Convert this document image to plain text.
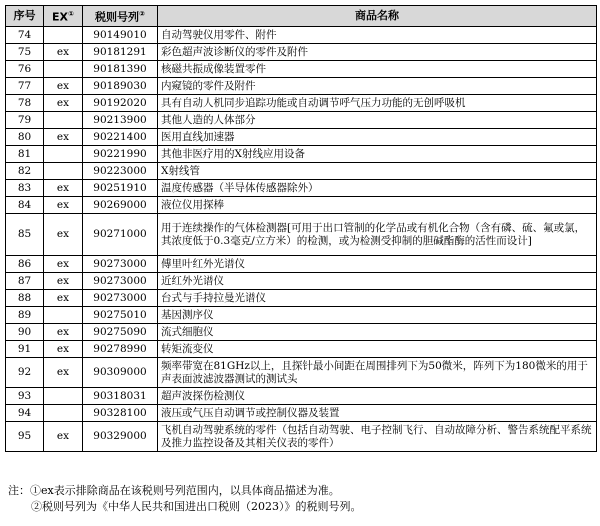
序号	EX①	税则号列②	商品名称
74		90149010	自动驾驶仪用零件、附件
75	ex	90181291	彩色超声波诊断仪的零件及附件
76		90181390	核磁共振成像装置零件
77	ex	90189030	内窥镜的零件及附件
78	ex	90192020	具有自动人机同步追踪功能或自动调节呼气压力功能的无创呼吸机
79		90213900	其他人造的人体部分
80	ex	90221400	医用直线加速器
81		90221990	其他非医疗用的X射线应用设备
82		90223000	X射线管
83	ex	90251910	温度传感器（半导体传感器除外）
84	ex	90269000	液位仪用探棒
85	ex	90271000	用于连续操作的气体检测器[可用于出口管制的化学品或有机化合物（含有磷、硫、氟或氯，其浓度低于0.3毫克/立方米）的检测，或为检测受抑制的胆碱酯酶的活性而设计]
86	ex	90273000	傅里叶红外光谱仪
87	ex	90273000	近红外光谱仪
88	ex	90273000	台式与手持拉曼光谱仪
89		90275010	基因测序仪
90	ex	90275090	流式细胞仪
91	ex	90278990	转矩流变仪
92	ex	90309000	频率带宽在81GHz以上，且探针最小间距在周围排列下为50微米，阵列下为180微米的用于声表面波滤波器测试的测试头
93		90318031	超声波探伤检测仪
94		90328100	液压或气压自动调节或控制仪器及装置
95	ex	90329000	飞机自动驾驶系统的零件（包括自动驾驶、电子控制飞行、自动故障分析、警告系统配平系统及推力监控设备及其相关仪表的零件）
注：①ex表示排除商品在该税则号列范围内，以具体商品描述为准。
②税则号列为《中华人民共和国进出口税则（2023）》的税则号列。
